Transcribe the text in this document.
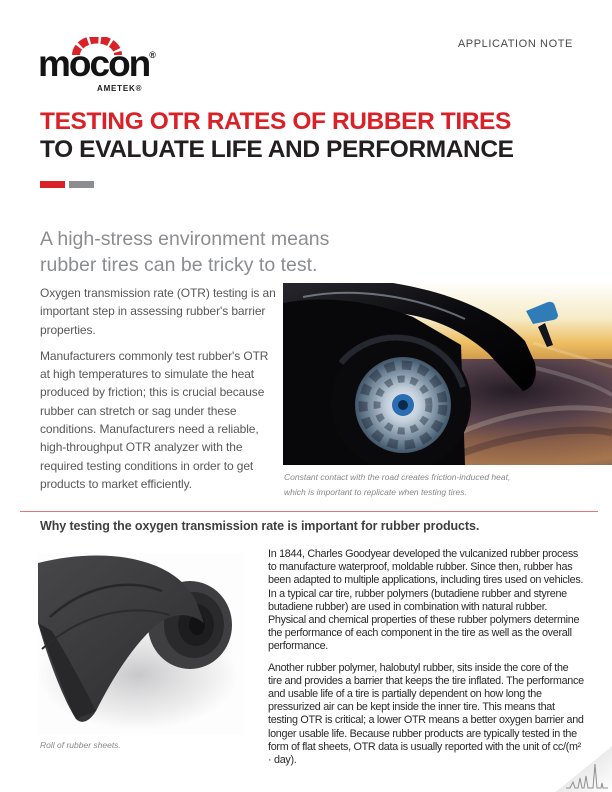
APPLICATION NOTE
mocon®
AMETEK®
TESTING OTR RATES OF RUBBER TIRES
TO EVALUATE LIFE AND PERFORMANCE
A high-stress environment means
rubber tires can be tricky to test.

Oxygen transmission rate (OTR) testing is an important step in assessing rubber's barrier properties.

Manufacturers commonly test rubber's OTR at high temperatures to simulate the heat produced by friction; this is crucial because rubber can stretch or sag under these conditions. Manufacturers need a reliable, high-throughput OTR analyzer with the required testing conditions in order to get products to market efficiently.	Constant contact with the road creates friction-induced heat,
which is important to replicate when testing tires.
Why testing the oxygen transmission rate is important for rubber products.
Roll of rubber sheets.

In 1844, Charles Goodyear developed the vulcanized rubber process to manufacture waterproof, moldable rubber. Since then, rubber has been adapted to multiple applications, including tires used on vehicles. In a typical car tire, rubber polymers (butadiene rubber and styrene butadiene rubber) are used in combination with natural rubber. Physical and chemical properties of these rubber polymers determine the performance of each component in the tire as well as the overall performance.

Another rubber polymer, halobutyl rubber, sits inside the core of the tire and provides a barrier that keeps the tire inflated. The performance and usable life of a tire is partially dependent on how long the pressurized air can be kept inside the inner tire. This means that testing OTR is critical; a lower OTR means a better oxygen barrier and longer usable life. Because rubber products are typically tested in the form of flat sheets, OTR data is usually reported with the unit of cc/(m² · day).
